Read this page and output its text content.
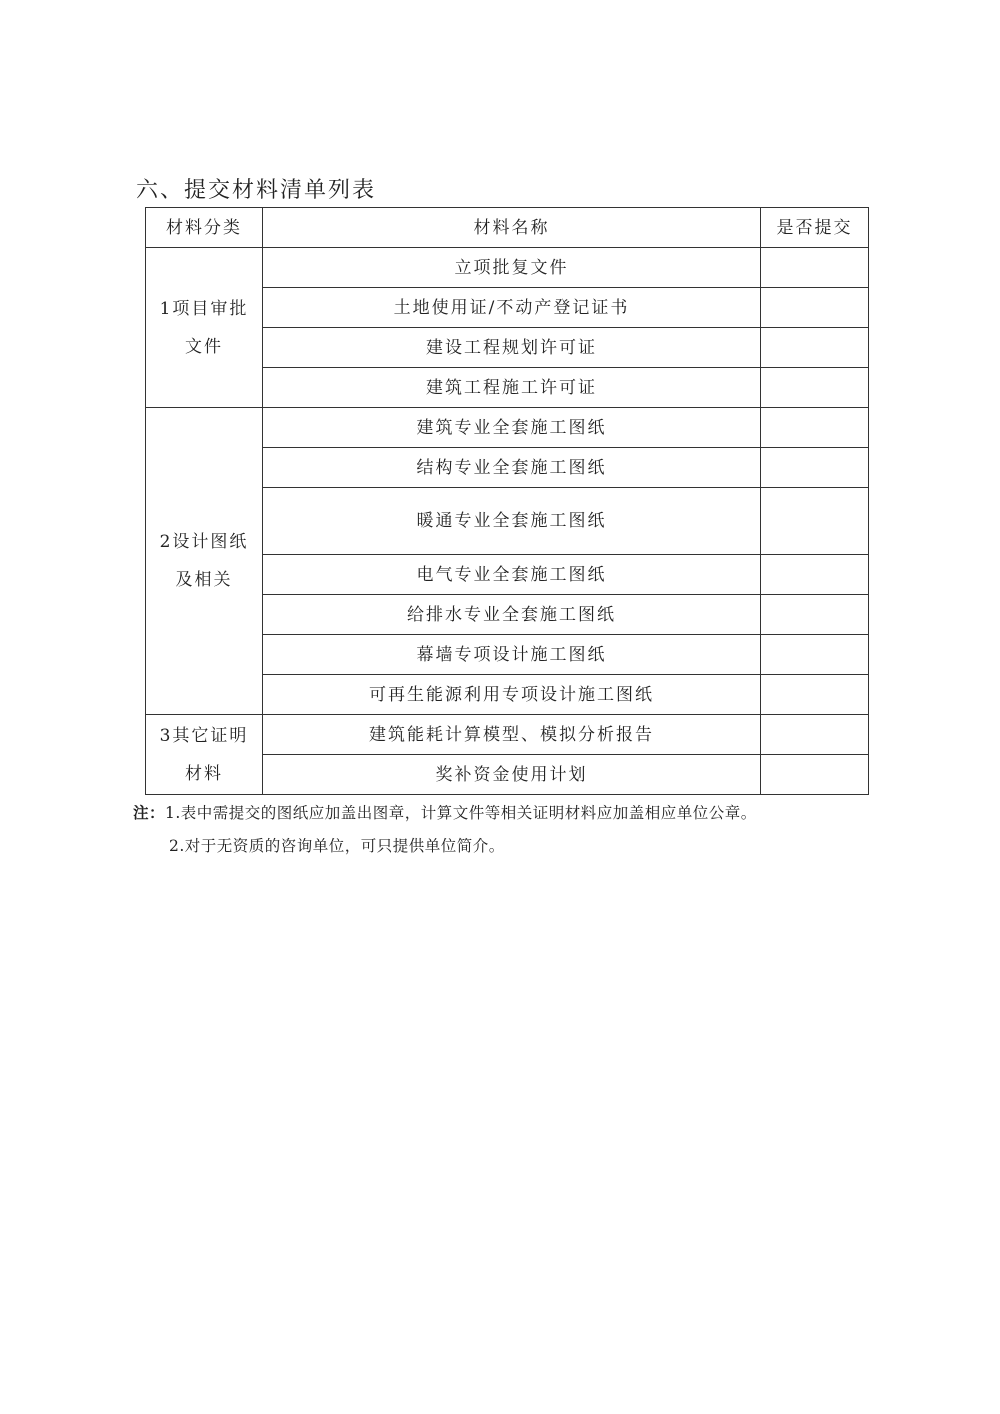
六、提交材料清单列表
材料分类	材料名称	是否提交

1项目审批
文件	立项批复文件	
	土地使用证/不动产登记证书	
	建设工程规划许可证	
	建筑工程施工许可证	

2设计图纸
及相关	建筑专业全套施工图纸	
	结构专业全套施工图纸	
	暖通专业全套施工图纸	
	电气专业全套施工图纸	
	给排水专业全套施工图纸	
	幕墙专项设计施工图纸	
	可再生能源利用专项设计施工图纸	

3其它证明
材料	建筑能耗计算模型、模拟分析报告	
	奖补资金使用计划	
注：1.表中需提交的图纸应加盖出图章，计算文件等相关证明材料应加盖相应单位公章。
2.对于无资质的咨询单位，可只提供单位简介。
